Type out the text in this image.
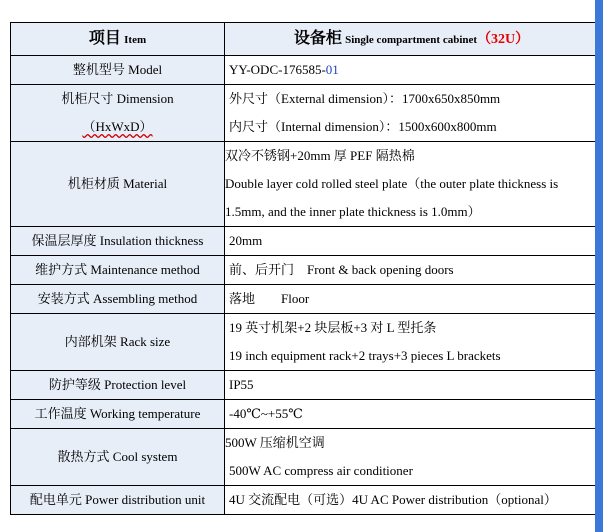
项目 Item	设备柜 Single compartment cabinet（32U）
整机型号 Model	YY-ODC-176585-01

机柜尺寸 Dimension
（HxWxD）	外尺寸（External dimension）：1700x650x850mm
内尺寸（Internal dimension）：1500x600x800mm

机柜材质 Material	双冷不锈钢+20mm 厚 PEF 隔热棉
Double layer cold rolled steel plate（the outer plate thickness is
1.5mm, and the inner plate thickness is 1.0mm）

保温层厚度 Insulation thickness	20mm
维护方式 Maintenance method	前、后开门　Front & back opening doors
安装方式 Assembling method	落地　　Floor
内部机架 Rack size	19 英寸机架+2 块层板+3 对 L 型托条
19 inch equipment rack+2 trays+3 pieces L brackets

防护等级 Protection level	IP55
工作温度 Working temperature	-40℃~+55℃
散热方式 Cool system	500W 压缩机空调
500W AC compress air conditioner

配电单元 Power distribution unit	4U 交流配电（可选）4U AC Power distribution（optional）
